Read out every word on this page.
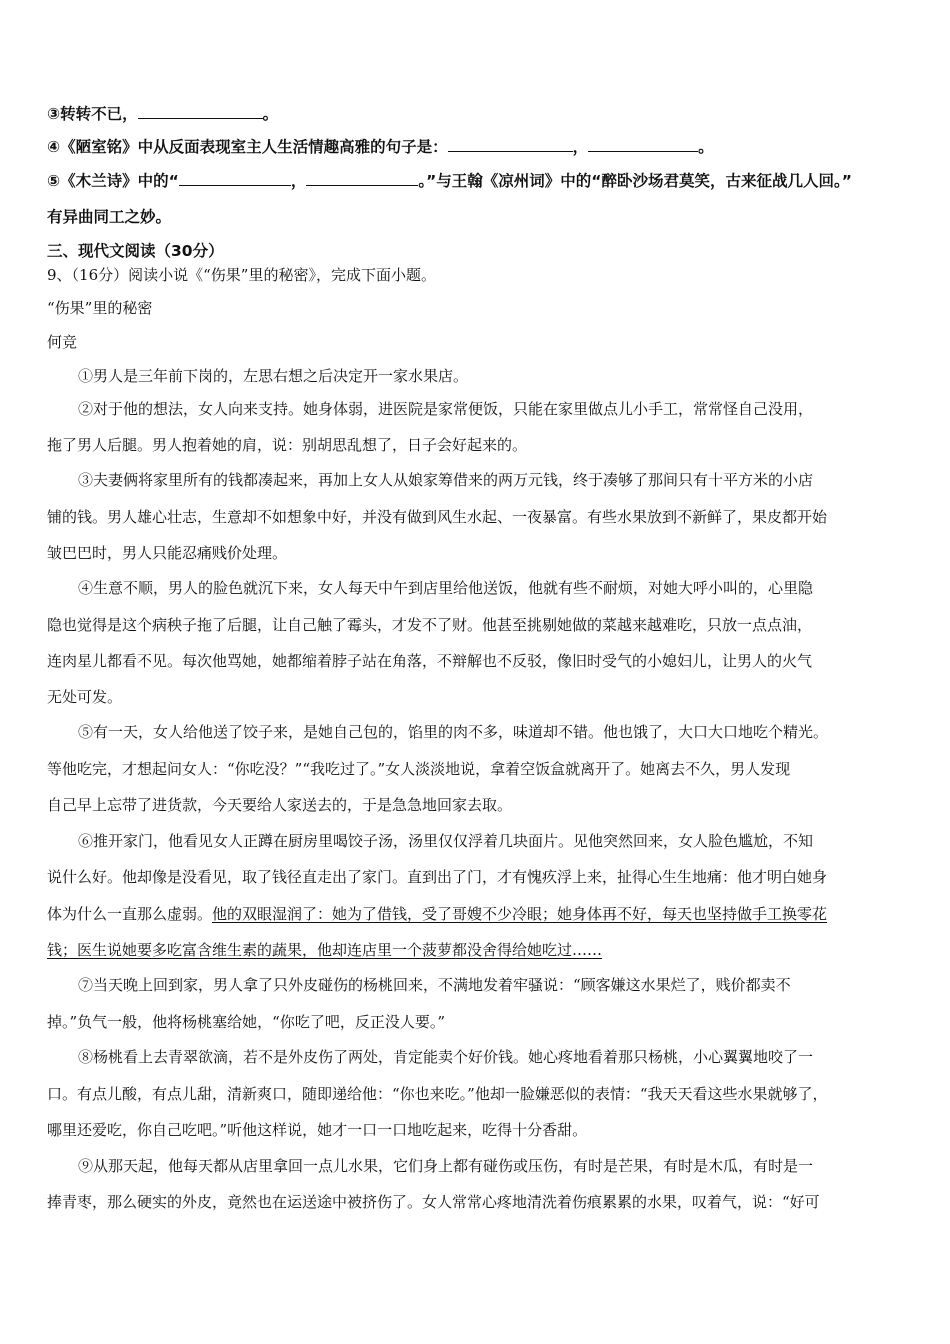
③转转不已，	。
④《陋室铭》中从反面表现室主人生活情趣高雅的句子是：	，	。
⑤《木兰诗》中的“	，	。”与王翰《凉州词》中的“醉卧沙场君莫笑，古来征战几人回。”
有异曲同工之妙。
三、现代文阅读（30分）
9、（16分）阅读小说《“伤果”里的秘密》，完成下面小题。
“伤果”里的秘密
何竞
①男人是三年前下岗的，左思右想之后决定开一家水果店。
②对于他的想法，女人向来支持。她身体弱，进医院是家常便饭，只能在家里做点儿小手工，常常怪自己没用，
拖了男人后腿。男人抱着她的肩，说：别胡思乱想了，日子会好起来的。
③夫妻俩将家里所有的钱都凑起来，再加上女人从娘家筹借来的两万元钱，终于凑够了那间只有十平方米的小店
铺的钱。男人雄心壮志，生意却不如想象中好，并没有做到风生水起、一夜暴富。有些水果放到不新鲜了，果皮都开始
皱巴巴时，男人只能忍痛贱价处理。
④生意不顺，男人的脸色就沉下来，女人每天中午到店里给他送饭，他就有些不耐烦，对她大呼小叫的，心里隐
隐也觉得是这个病秧子拖了后腿，让自己触了霉头，才发不了财。他甚至挑剔她做的菜越来越难吃，只放一点点油，
连肉星儿都看不见。每次他骂她，她都缩着脖子站在角落，不辩解也不反驳，像旧时受气的小媳妇儿，让男人的火气
无处可发。
⑤有一天，女人给他送了饺子来，是她自己包的，馅里的肉不多，味道却不错。他也饿了，大口大口地吃个精光。
等他吃完，才想起问女人：“你吃没？”“我吃过了。”女人淡淡地说，拿着空饭盒就离开了。她离去不久，男人发现
自己早上忘带了进货款，今天要给人家送去的，于是急急地回家去取。
⑥推开家门，他看见女人正蹲在厨房里喝饺子汤，汤里仅仅浮着几块面片。见他突然回来，女人脸色尴尬，不知
说什么好。他却像是没看见，取了钱径直走出了家门。直到出了门，才有愧疚浮上来，扯得心生生地痛：他才明白她身
体为什么一直那么虚弱。他的双眼湿润了：她为了借钱，受了哥嫂不少冷眼；她身体再不好，每天也坚持做手工换零花
钱；医生说她要多吃富含维生素的蔬果，他却连店里一个菠萝都没舍得给她吃过……
⑦当天晚上回到家，男人拿了只外皮碰伤的杨桃回来，不满地发着牢骚说：“顾客嫌这水果烂了，贱价都卖不
掉。”负气一般，他将杨桃塞给她，“你吃了吧，反正没人要。”
⑧杨桃看上去青翠欲滴，若不是外皮伤了两处，肯定能卖个好价钱。她心疼地看着那只杨桃，小心翼翼地咬了一
口。有点儿酸，有点儿甜，清新爽口，随即递给他：“你也来吃。”他却一脸嫌恶似的表情：“我天天看这些水果就够了，
哪里还爱吃，你自己吃吧。”听他这样说，她才一口一口地吃起来，吃得十分香甜。
⑨从那天起，他每天都从店里拿回一点儿水果，它们身上都有碰伤或压伤，有时是芒果，有时是木瓜，有时是一
捧青枣，那么硬实的外皮，竟然也在运送途中被挤伤了。女人常常心疼地清洗着伤痕累累的水果，叹着气，说：“好可
